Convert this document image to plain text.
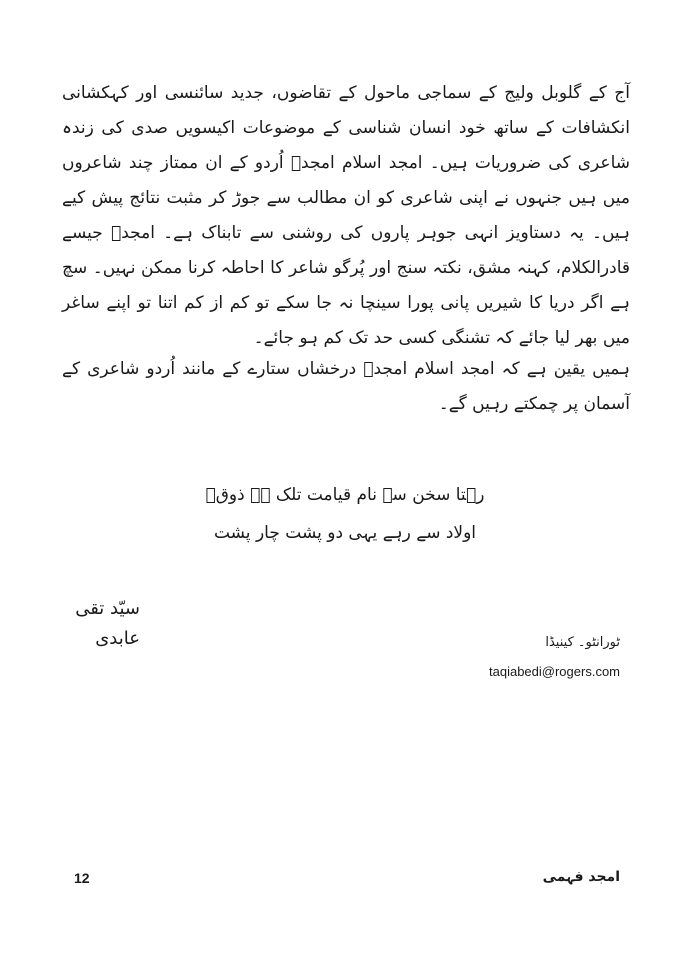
آج کے گلوبل ولیج کے سماجی ماحول کے تقاضوں، جدید سائنسی اور کہکشانی انکشافات کے ساتھ خود انسان شناسی کے موضوعات اکیسویں صدی کی زندہ شاعری کی ضروریات ہیں۔ امجد اسلام امجدؔ اُردو کے ان ممتاز چند شاعروں میں ہیں جنہوں نے اپنی شاعری کو ان مطالب سے جوڑ کر مثبت نتائج پیش کیے ہیں۔ یہ دستاویز انہی جوہر پاروں کی روشنی سے تابناک ہے۔ امجدؔ جیسے قادرالکلام، کہنہ مشق، نکتہ سنج اور پُرگو شاعر کا احاطہ کرنا ممکن نہیں۔ سچ ہے اگر دریا کا شیریں پانی پورا سینچا نہ جا سکے تو کم از کم اتنا تو اپنے ساغر میں بھر لیا جائے کہ تشنگی کسی حد تک کم ہو جائے۔

ہمیں یقین ہے کہ امجد اسلام امجدؔ درخشاں ستارے کے مانند اُردو شاعری کے آسمان پر چمکتے رہیں گے۔

رہتا سخن سے نام قیامت تلک ہے ذوقؔ
اولاد سے رہے یہی دو پشت چار پشت
سیّد تقی عابدی	ٹورانٹو۔ کینیڈا
taqiabedi@rogers.com
12	امجد فہمی
